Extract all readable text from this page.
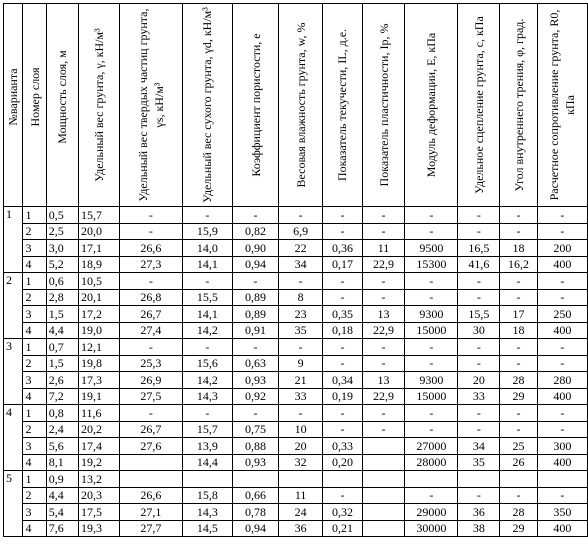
№варианта	Номер слоя	Мощность слоя, м	Удельный вес грунта, γ, кН/м³	Удельный вес твердых частиц грунта, γs, кН/м³	Удельный вес сухого грунта, γd, кН/м³	Коэффициент пористости, e	Весовая влажность грунта, w, %	Показатель текучести, IL, д.е.	Показатель пластичности, Ip, %	Модуль деформации, E, кПа	Удельное сцепление грунта, c, кПа	Угол внутреннего трения, φ, град.	Расчетное сопротивление грунта, R0, кПа

1	1	0,5	15,7	-	-	-	-	-	-	-	-	-	-
	2	2,5	20,0	-	15,9	0,82	6,9	-	-	-	-	-	-
	3	3,0	17,1	26,6	14,0	0,90	22	0,36	11	9500	16,5	18	200
	4	5,2	18,9	27,3	14,1	0,94	34	0,17	22,9	15300	41,6	16,2	400
2	1	0,6	10,5	-	-	-	-	-	-	-	-	-	-
	2	2,8	20,1	26,8	15,5	0,89	8	-	-	-	-	-	-
	3	1,5	17,2	26,7	14,1	0,89	23	0,35	13	9300	15,5	17	250
	4	4,4	19,0	27,4	14,2	0,91	35	0,18	22,9	15000	30	18	400
3	1	0,7	12,1	-	-	-	-	-	-	-	-	-	-
	2	1,5	19,8	25,3	15,6	0,63	9	-	-	-	-	-	-
	3	2,6	17,3	26,9	14,2	0,93	21	0,34	13	9300	20	28	280
	4	7,2	19,1	27,5	14,3	0,92	33	0,19	22,9	15000	33	29	400
4	1	0,8	11,6	-	-	-	-	-	-	-	-	-	-
	2	2,4	20,2	26,7	15,7	0,75	10	-	-	-	-	-	-
	3	5,6	17,4	27,6	13,9	0,88	20	0,33		27000	34	25	300
	4	8,1	19,2		14,4	0,93	32	0,20		28000	35	26	400
5	1	0,9	13,2										
	2	4,4	20,3	26,6	15,8	0,66	11	-		-	-	-	-
	3	5,4	17,5	27,1	14,3	0,78	24	0,32		29000	36	28	350
	4	7,6	19,3	27,7	14,5	0,94	36	0,21		30000	38	29	400
